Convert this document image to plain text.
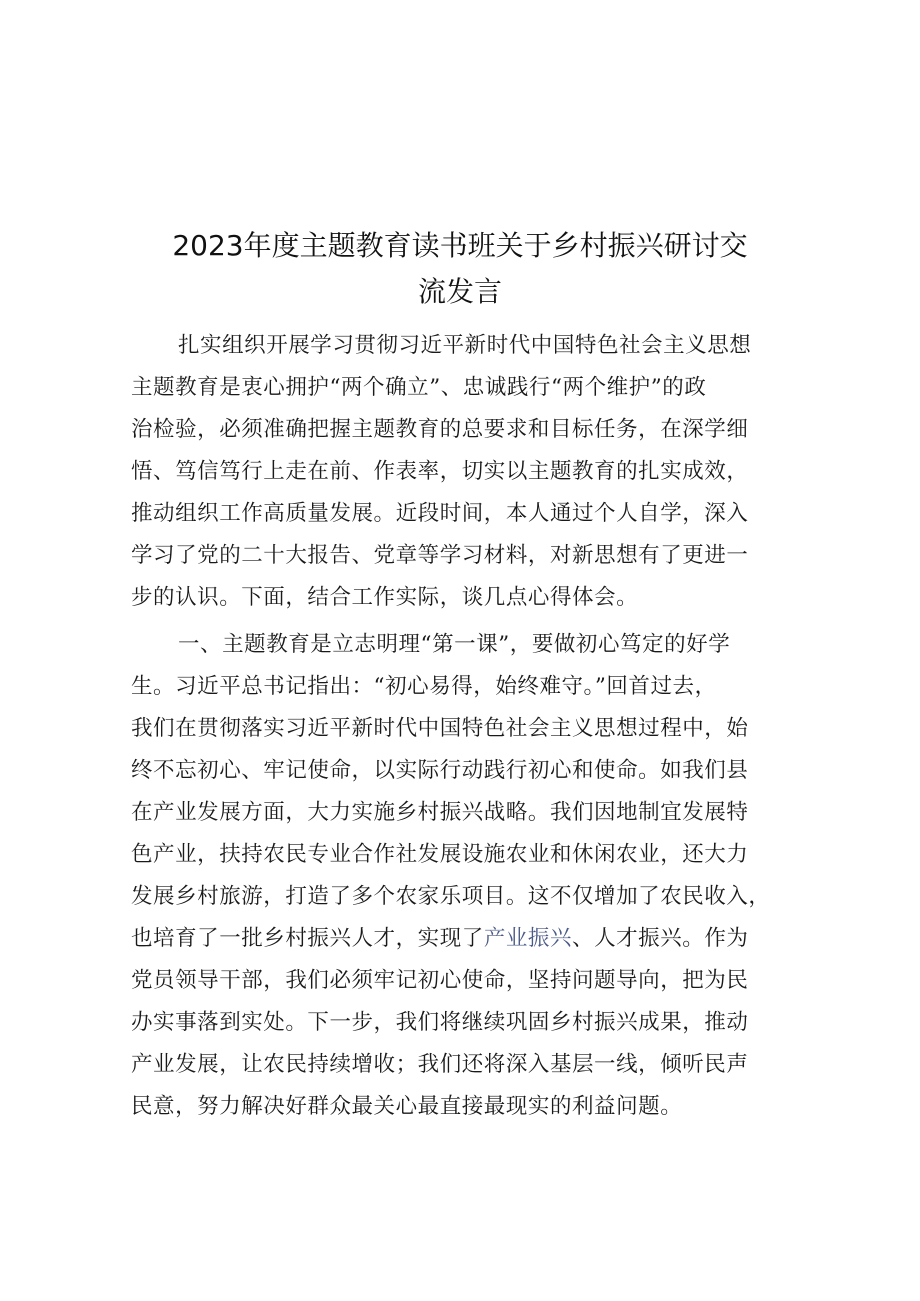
2023年度主题教育读书班关于乡村振兴研讨交
流发言
扎实组织开展学习贯彻习近平新时代中国特色社会主义思想
主题教育是衷心拥护“两个确立”、忠诚践行“两个维护”的政
治检验，必须准确把握主题教育的总要求和目标任务，在深学细
悟、笃信笃行上走在前、作表率，切实以主题教育的扎实成效，
推动组织工作高质量发展。近段时间，本人通过个人自学，深入
学习了党的二十大报告、党章等学习材料，对新思想有了更进一
步的认识。下面，结合工作实际，谈几点心得体会。
一、主题教育是立志明理“第一课”，要做初心笃定的好学
生。习近平总书记指出：“初心易得，始终难守。”回首过去，
我们在贯彻落实习近平新时代中国特色社会主义思想过程中，始
终不忘初心、牢记使命，以实际行动践行初心和使命。如我们县
在产业发展方面，大力实施乡村振兴战略。我们因地制宜发展特
色产业，扶持农民专业合作社发展设施农业和休闲农业，还大力
发展乡村旅游，打造了多个农家乐项目。这不仅增加了农民收入，
也培育了一批乡村振兴人才，实现了产业振兴、人才振兴。作为
党员领导干部，我们必须牢记初心使命，坚持问题导向，把为民
办实事落到实处。下一步，我们将继续巩固乡村振兴成果，推动
产业发展，让农民持续增收；我们还将深入基层一线，倾听民声
民意，努力解决好群众最关心最直接最现实的利益问题。
